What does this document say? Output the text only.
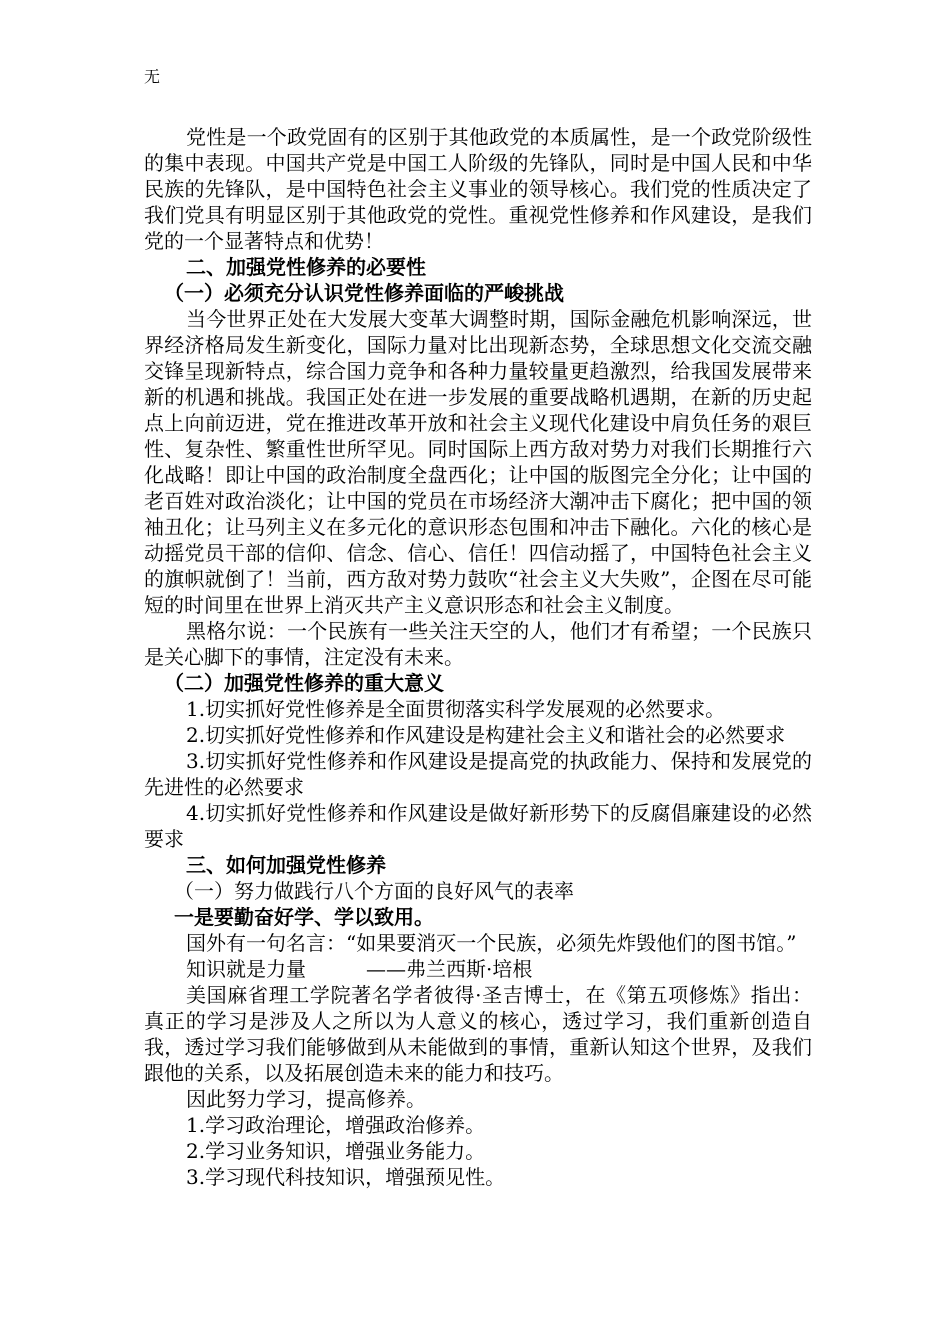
无

党性是一个政党固有的区别于其他政党的本质属性，是一个政党阶级性的集中表现。中国共产党是中国工人阶级的先锋队，同时是中国人民和中华民族的先锋队，是中国特色社会主义事业的领导核心。我们党的性质决定了我们党具有明显区别于其他政党的党性。重视党性修养和作风建设，是我们党的一个显著特点和优势！

二、加强党性修养的必要性

（一）必须充分认识党性修养面临的严峻挑战

当今世界正处在大发展大变革大调整时期，国际金融危机影响深远，世界经济格局发生新变化，国际力量对比出现新态势，全球思想文化交流交融交锋呈现新特点，综合国力竞争和各种力量较量更趋激烈，给我国发展带来新的机遇和挑战。我国正处在进一步发展的重要战略机遇期，在新的历史起点上向前迈进，党在推进改革开放和社会主义现代化建设中肩负任务的艰巨性、复杂性、繁重性世所罕见。同时国际上西方敌对势力对我们长期推行六化战略！即让中国的政治制度全盘西化；让中国的版图完全分化；让中国的老百姓对政治淡化；让中国的党员在市场经济大潮冲击下腐化；把中国的领袖丑化；让马列主义在多元化的意识形态包围和冲击下融化。六化的核心是动摇党员干部的信仰、信念、信心、信任！四信动摇了，中国特色社会主义的旗帜就倒了！当前，西方敌对势力鼓吹“社会主义大失败”，企图在尽可能短的时间里在世界上消灭共产主义意识形态和社会主义制度。

黑格尔说：一个民族有一些关注天空的人，他们才有希望；一个民族只是关心脚下的事情，注定没有未来。

（二）加强党性修养的重大意义

1.切实抓好党性修养是全面贯彻落实科学发展观的必然要求。

2.切实抓好党性修养和作风建设是构建社会主义和谐社会的必然要求

3.切实抓好党性修养和作风建设是提高党的执政能力、保持和发展党的先进性的必然要求

4.切实抓好党性修养和作风建设是做好新形势下的反腐倡廉建设的必然要求

三、如何加强党性修养

（一）努力做践行八个方面的良好风气的表率

一是要勤奋好学、学以致用。

国外有一句名言：“如果要消灭一个民族，必须先炸毁他们的图书馆。”

知识就是力量　　　——弗兰西斯·培根

美国麻省理工学院著名学者彼得·圣吉博士，在《第五项修炼》指出：真正的学习是涉及人之所以为人意义的核心，透过学习，我们重新创造自我，透过学习我们能够做到从未能做到的事情，重新认知这个世界，及我们跟他的关系，以及拓展创造未来的能力和技巧。

因此努力学习，提高修养。

1.学习政治理论，增强政治修养。

2.学习业务知识，增强业务能力。

3.学习现代科技知识，增强预见性。
